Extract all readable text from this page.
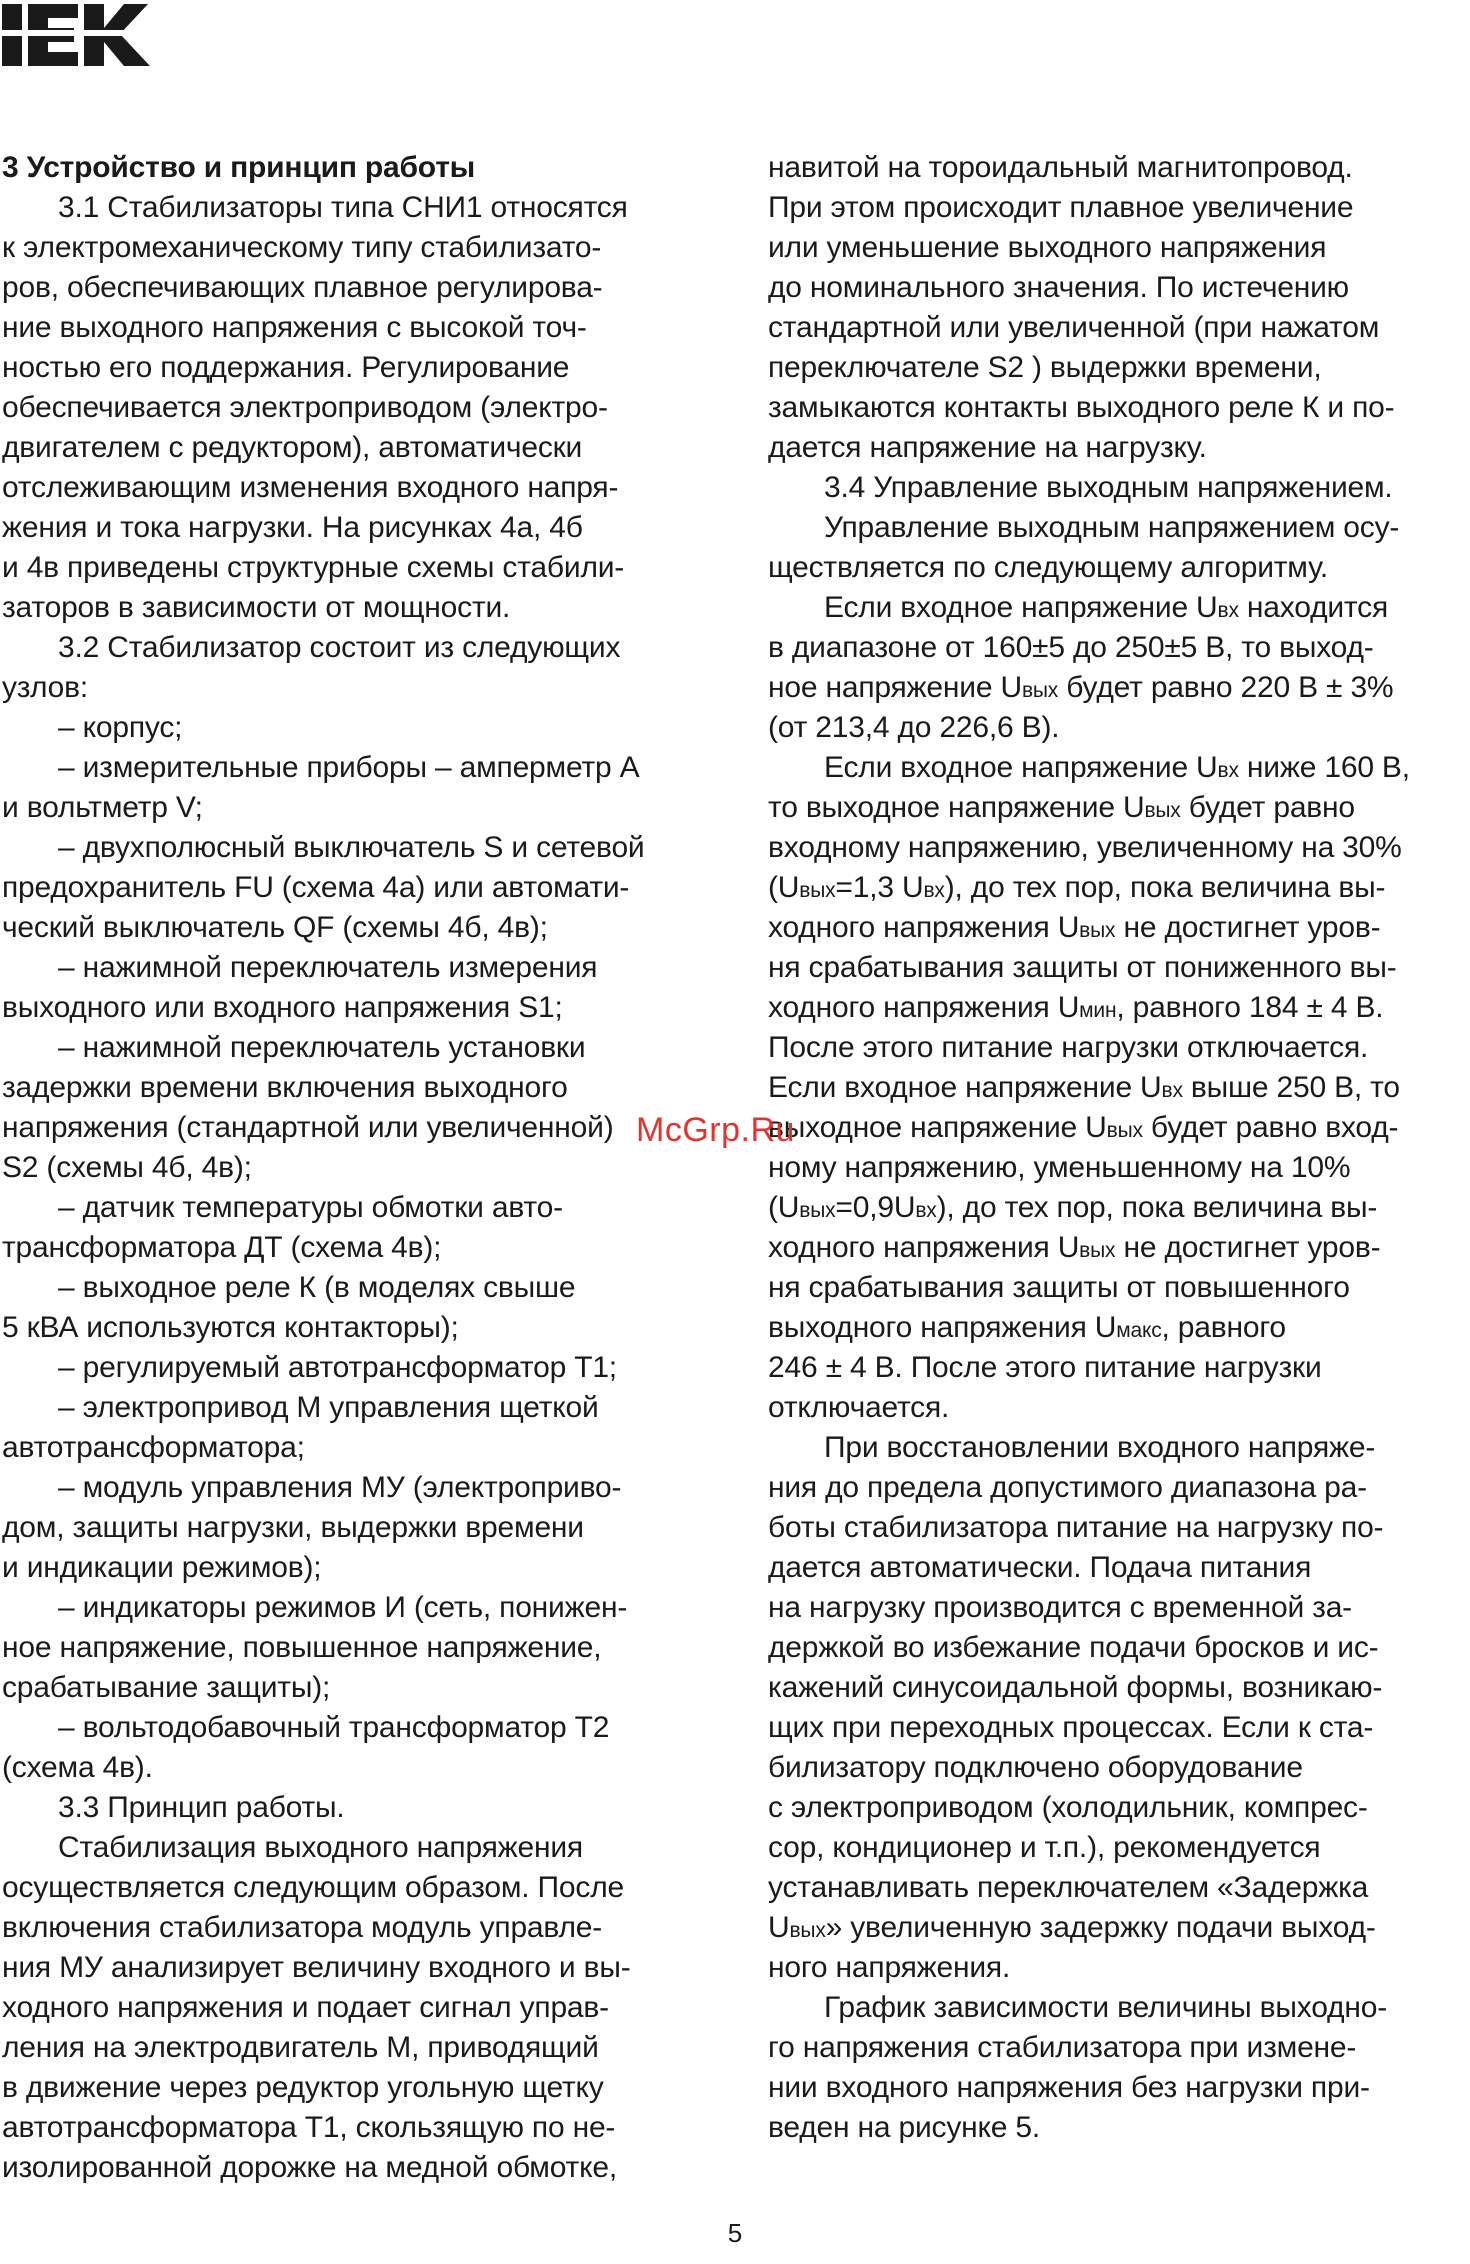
3 Устройство и принцип работы
3.1 Стабилизаторы типа СНИ1 относятся
к электромеханическому типу стабилизато-
ров, обеспечивающих плавное регулирова-
ние выходного напряжения с высокой точ-
ностью его поддержания. Регулирование
обеспечивается электроприводом (электро-
двигателем с редуктором), автоматически
отслеживающим изменения входного напря-
жения и тока нагрузки. На рисунках 4а, 4б
и 4в приведены структурные схемы стабили-
заторов в зависимости от мощности.
3.2 Стабилизатор состоит из следующих
узлов:
– корпус;
– измерительные приборы – амперметр А
и вольтметр V;
– двухполюсный выключатель S и сетевой
предохранитель FU (схема 4а) или автомати-
ческий выключатель QF (схемы 4б, 4в);
– нажимной переключатель измерения
выходного или входного напряжения S1;
– нажимной переключатель установки
задержки времени включения выходного
напряжения (стандартной или увеличенной)
S2 (схемы 4б, 4в);
– датчик температуры обмотки авто-
трансформатора ДТ (схема 4в);
– выходное реле К (в моделях свыше
5 кВА используются контакторы);
– регулируемый автотрансформатор Т1;
– электропривод М управления щеткой
автотрансформатора;
– модуль управления МУ (электроприво-
дом, защиты нагрузки, выдержки времени
и индикации режимов);
– индикаторы режимов И (сеть, понижен-
ное напряжение, повышенное напряжение,
срабатывание защиты);
– вольтодобавочный трансформатор Т2
(схема 4в).
3.3 Принцип работы.
Стабилизация выходного напряжения
осуществляется следующим образом. После
включения стабилизатора модуль управле-
ния МУ анализирует величину входного и вы-
ходного напряжения и подает сигнал управ-
ления на электродвигатель М, приводящий
в движение через редуктор угольную щетку
автотрансформатора Т1, скользящую по не-
изолированной дорожке на медной обмотке,
навитой на тороидальный магнитопровод.
При этом происходит плавное увеличение
или уменьшение выходного напряжения
до номинального значения. По истечению
стандартной или увеличенной (при нажатом
переключателе S2 ) выдержки времени,
замыкаются контакты выходного реле К и по-
дается напряжение на нагрузку.
3.4 Управление выходным напряжением.
Управление выходным напряжением осу-
ществляется по следующему алгоритму.
Если входное напряжение Uвх находится
в диапазоне от 160±5 до 250±5 В, то выход-
ное напряжение Uвых будет равно 220 В ± 3%
(от 213,4 до 226,6 В).
Если входное напряжение Uвх ниже 160 В,
то выходное напряжение Uвых будет равно
входному напряжению, увеличенному на 30%
(Uвых=1,3 Uвх), до тех пор, пока величина вы-
ходного напряжения Uвых не достигнет уров-
ня срабатывания защиты от пониженного вы-
ходного напряжения Uмин, равного 184 ± 4 В.
После этого питание нагрузки отключается.
Если входное напряжение Uвх выше 250 В, то
выходное напряжение Uвых будет равно вход-
ному напряжению, уменьшенному на 10%
(Uвых=0,9Uвх), до тех пор, пока величина вы-
ходного напряжения Uвых не достигнет уров-
ня срабатывания защиты от повышенного
выходного напряжения Uмакс, равного
246 ± 4 В. После этого питание нагрузки
отключается.
При восстановлении входного напряже-
ния до предела допустимого диапазона ра-
боты стабилизатора питание на нагрузку по-
дается автоматически. Подача питания
на нагрузку производится с временной за-
держкой во избежание подачи бросков и ис-
кажений синусоидальной формы, возникаю-
щих при переходных процессах. Если к ста-
билизатору подключено оборудование
с электроприводом (холодильник, компрес-
сор, кондиционер и т.п.), рекомендуется
устанавливать переключателем «Задержка
Uвых» увеличенную задержку подачи выход-
ного напряжения.
График зависимости величины выходно-
го напряжения стабилизатора при измене-
нии входного напряжения без нагрузки при-
веден на рисунке 5.
McGrp.Ru
5
